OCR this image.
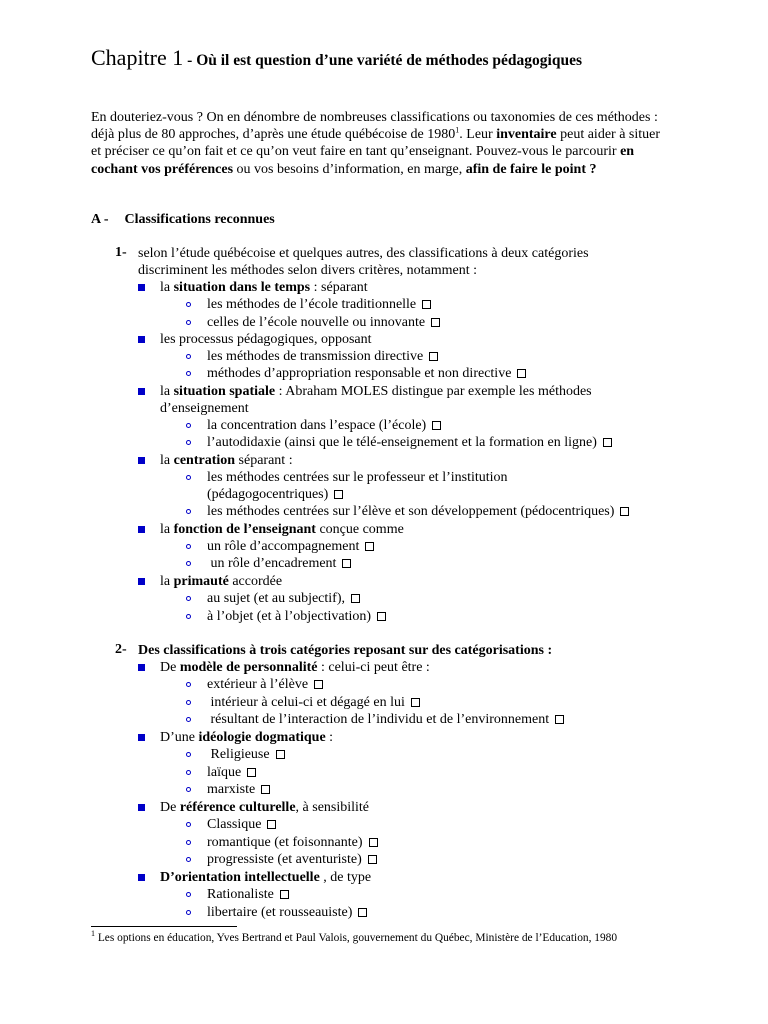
Chapitre 1 - Où il est question d’une variété de méthodes pédagogiques

En douteriez-vous ? On en dénombre de nombreuses classifications ou taxonomies de ces méthodes : déjà plus de 80 approches, d’après une étude québécoise de 1980$^1$. Leur inventaire peut aider à situer et préciser ce qu’on fait et ce qu’on veut faire en tant qu’enseignant. Pouvez-vous le parcourir en cochant vos préférences ou vos besoins d’information, en marge, afin de faire le point ?

A - Classifications reconnues
1- selon l’étude québécoise et quelques autres, des classifications à deux catégories
discriminent les méthodes selon divers critères, notamment :
la situation dans le temps : séparant
les méthodes de l’école traditionnelle
celles de l’école nouvelle ou innovante
les processus pédagogiques, opposant
les méthodes de transmission directive
méthodes d’appropriation responsable et non directive
la situation spatiale : Abraham MOLES distingue par exemple les méthodes
d’enseignement
la concentration dans l’espace (l’école)
l’autodidaxie (ainsi que le télé-enseignement et la formation en ligne)
la centration séparant :
les méthodes centrées sur le professeur et l’institution
(pédagogocentriques)
les méthodes centrées sur l’élève et son développement (pédocentriques)
la fonction de l’enseignant conçue comme
un rôle d’accompagnement
un rôle d’encadrement
la primauté accordée
au sujet (et au subjectif),
à l’objet (et à l’objectivation)
2- Des classifications à trois catégories reposant sur des catégorisations :
De modèle de personnalité : celui-ci peut être :
extérieur à l’élève
intérieur à celui-ci et dégagé en lui
résultant de l’interaction de l’individu et de l’environnement
D’une idéologie dogmatique :
Religieuse
laïque
marxiste
De référence culturelle, à sensibilité
Classique
romantique (et foisonnante)
progressiste (et aventuriste)
D’orientation intellectuelle , de type
Rationaliste
libertaire (et rousseauiste)
$^1$ Les options en éducation, Yves Bertrand et Paul Valois, gouvernement du Québec, Ministère de l’Education, 1980
